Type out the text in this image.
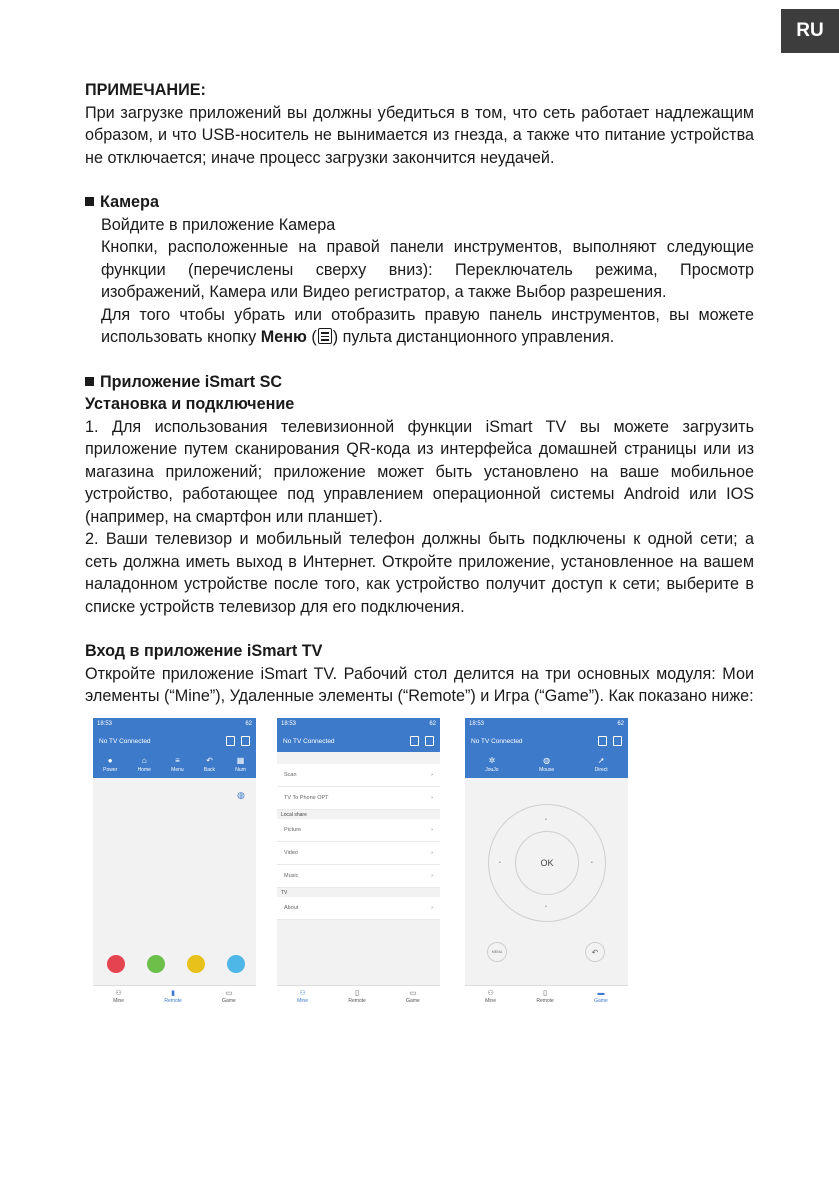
RU

ПРИМЕЧАНИЕ:

При загрузке приложений вы должны убедиться в том, что сеть работает надлежащим образом, и что USB-носитель не вынимается из гнезда, а также что питание устройства не отключается; иначе процесс загрузки закончится неудачей.

Камера

Войдите в приложение Камера

Кнопки, расположенные на правой панели инструментов, выполняют следующие функции (перечислены сверху вниз): Переключатель режима, Просмотр изображений, Камера или Видео регистратор, а также Выбор разрешения.

Для того чтобы убрать или отобразить правую панель инструментов, вы можете использовать кнопку Меню ( ) пульта дистанционного управления.

Приложение iSmart SC

Установка и подключение

1. Для использования телевизионной функции iSmart TV вы можете загрузить приложение путем сканирования QR-кода из интерфейса домашней страницы или из магазина приложений; приложение может быть установлено на ваше мобильное устройство, работающее под управлением операционной системы Android или IOS (например, на смартфон или планшет).

2. Ваши телевизор и мобильный телефон должны быть подключены к одной сети; а сеть должна иметь выход в Интернет. Откройте приложение, установленное на вашем наладонном устройстве после того, как устройство получит доступ к сети; выберите в списке устройств телевизор для его подключения.

Вход в приложение iSmart TV

Откройте приложение iSmart TV. Рабочий стол делится на три основных модуля: Мои элементы (“Mine”), Удаленные элементы (“Remote”) и Игра (“Game”). Как показано ниже:

18:53	62
No TV Connected
●
Power
⌂
Home
≡
Menu
↶
Back
▦
Num
◍
⚇
Mine
▮
Remote
▭
Game
18:53	62
No TV Connected
Scan	›
TV To Phone OPT	›
Local share
Picture	›
Video	›
Music	›
TV
About	›
⚇
Mine
▯
Remote
▭
Game
18:53	62
No TV Connected
✲
JouJo
◍
Mouse
➚
Direct
OK
•
•
•	•
MENU	↶
⚇
Mine
▯
Remote
▬
Game
